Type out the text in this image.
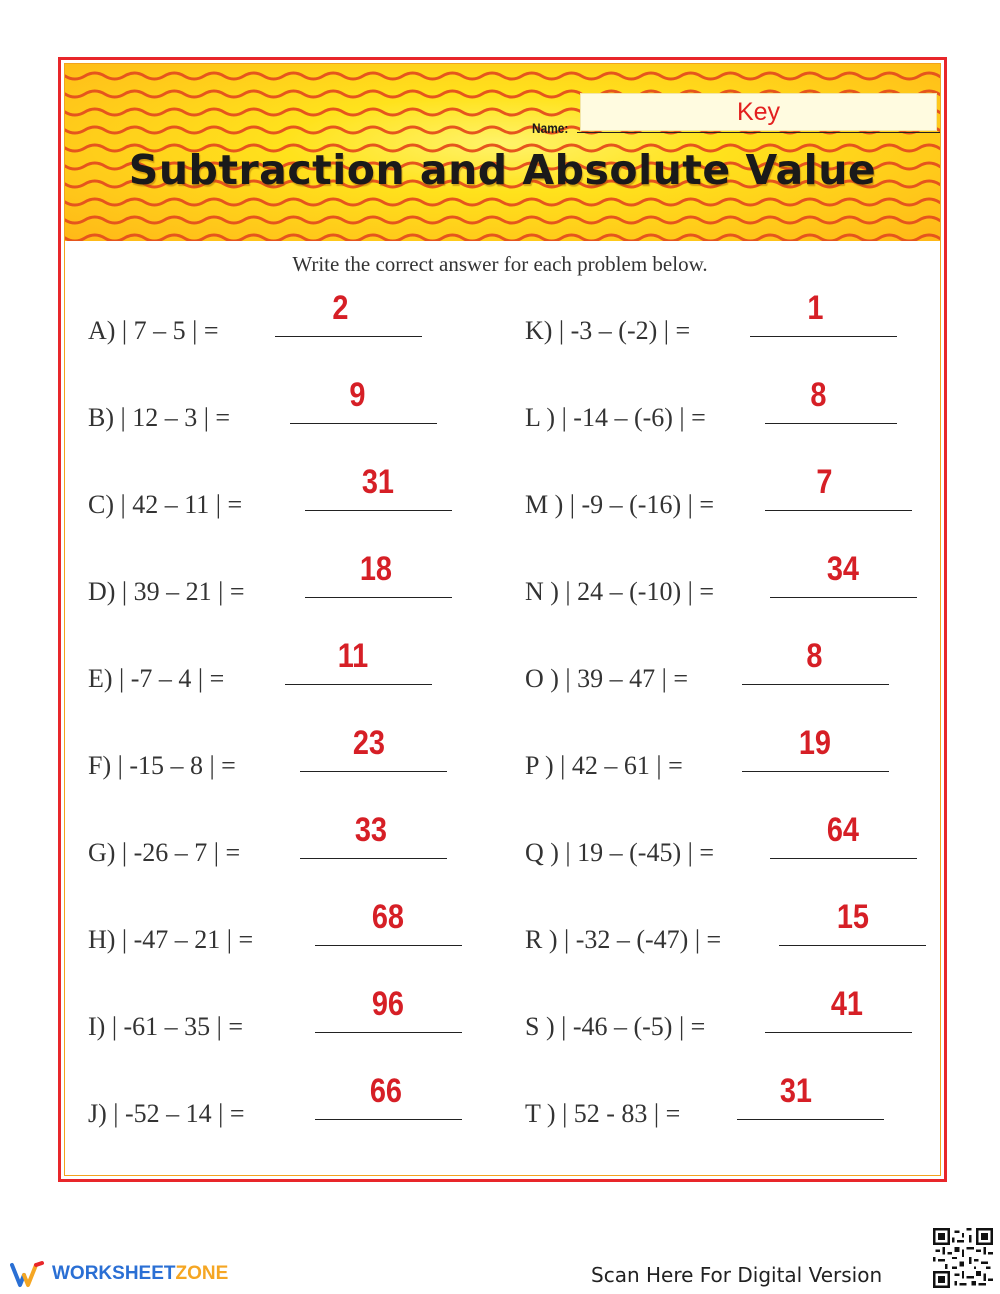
Name:
Key
Subtraction and Absolute Value
Write the correct answer for each problem below.
A) | 7 – 5 | =
2
B) | 12 – 3 | =
9
C) | 42 – 11 | =
31
D) | 39 – 21 | =
18
E) | -7 – 4 | =
11
F) | -15 – 8 | =
23
G) | -26 – 7 | =
33
H) | -47 – 21 | =
68
I) | -61 – 35 | =
96
J) | -52 – 14 | =
66
K) | -3 – (-2) | =
1
L ) | -14 – (-6) | =
8
M ) | -9 – (-16) | =
7
N ) | 24 – (-10) | =
34
O ) | 39 – 47 | =
8
P ) | 42 – 61 | =
19
Q ) | 19 – (-45) | =
64
R ) | -32 – (-47) | =
15
S ) | -46 – (-5) | =
41
T ) | 52 - 83 | =
31
WORKSHEETZONE	Scan Here For Digital Version
